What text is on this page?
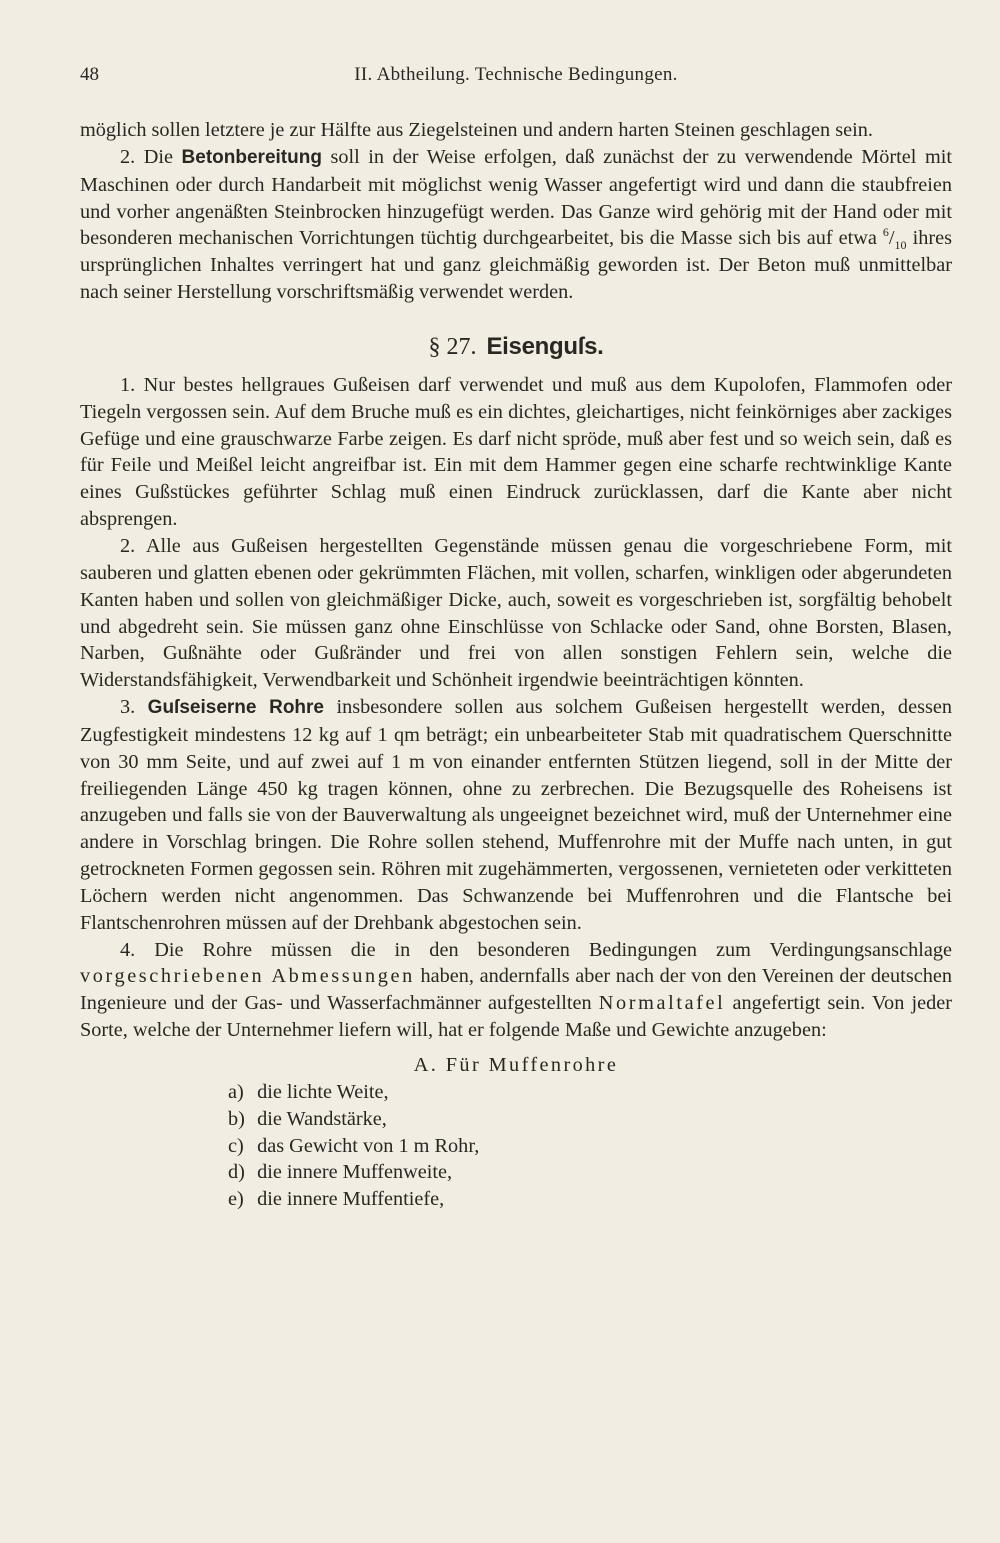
48	II. Abtheilung. Technische Bedingungen.

möglich sollen letztere je zur Hälfte aus Ziegelsteinen und andern harten Steinen geschlagen sein.

2. Die Betonbereitung soll in der Weise erfolgen, daß zunächst der zu verwendende Mörtel mit Maschinen oder durch Handarbeit mit möglichst wenig Wasser angefertigt wird und dann die staubfreien und vorher angenäßten Steinbrocken hinzugefügt werden. Das Ganze wird gehörig mit der Hand oder mit besonderen mechanischen Vorrichtungen tüchtig durchgearbeitet, bis die Masse sich bis auf etwa $^6/_{10}$ ihres ursprünglichen Inhaltes verringert hat und ganz gleichmäßig geworden ist. Der Beton muß unmittelbar nach seiner Herstellung vorschriftsmäßig verwendet werden.

§ 27. Eisenguſs.

1. Nur bestes hellgraues Gußeisen darf verwendet und muß aus dem Kupolofen, Flammofen oder Tiegeln vergossen sein. Auf dem Bruche muß es ein dichtes, gleichartiges, nicht feinkörniges aber zackiges Gefüge und eine grauschwarze Farbe zeigen. Es darf nicht spröde, muß aber fest und so weich sein, daß es für Feile und Meißel leicht angreifbar ist. Ein mit dem Hammer gegen eine scharfe rechtwinklige Kante eines Gußstückes geführter Schlag muß einen Eindruck zurücklassen, darf die Kante aber nicht absprengen.

2. Alle aus Gußeisen hergestellten Gegenstände müssen genau die vorgeschriebene Form, mit sauberen und glatten ebenen oder gekrümmten Flächen, mit vollen, scharfen, winkligen oder abgerundeten Kanten haben und sollen von gleichmäßiger Dicke, auch, soweit es vorgeschrieben ist, sorgfältig behobelt und abgedreht sein. Sie müssen ganz ohne Einschlüsse von Schlacke oder Sand, ohne Borsten, Blasen, Narben, Gußnähte oder Gußränder und frei von allen sonstigen Fehlern sein, welche die Widerstandsfähigkeit, Verwendbarkeit und Schönheit irgendwie beeinträchtigen könnten.

3. Guſseiserne Rohre insbesondere sollen aus solchem Gußeisen hergestellt werden, dessen Zugfestigkeit mindestens 12 kg auf 1 qm beträgt; ein unbearbeiteter Stab mit quadratischem Querschnitte von 30 mm Seite, und auf zwei auf 1 m von einander entfernten Stützen liegend, soll in der Mitte der freiliegenden Länge 450 kg tragen können, ohne zu zerbrechen. Die Bezugsquelle des Roheisens ist anzugeben und falls sie von der Bauverwaltung als ungeeignet bezeichnet wird, muß der Unternehmer eine andere in Vorschlag bringen. Die Rohre sollen stehend, Muffenrohre mit der Muffe nach unten, in gut getrockneten Formen gegossen sein. Röhren mit zugehämmerten, vergossenen, vernieteten oder verkitteten Löchern werden nicht angenommen. Das Schwanzende bei Muffenrohren und die Flantsche bei Flantschenrohren müssen auf der Drehbank abgestochen sein.

4. Die Rohre müssen die in den besonderen Bedingungen zum Verdingungsanschlage vorgeschriebenen Abmessungen haben, andernfalls aber nach der von den Vereinen der deutschen Ingenieure und der Gas- und Wasserfachmänner aufgestellten Normaltafel angefertigt sein. Von jeder Sorte, welche der Unternehmer liefern will, hat er folgende Maße und Gewichte anzugeben:

A. Für Muffenrohre

a) die lichte Weite,
b) die Wandstärke,
c) das Gewicht von 1 m Rohr,
d) die innere Muffenweite,
e) die innere Muffentiefe,
